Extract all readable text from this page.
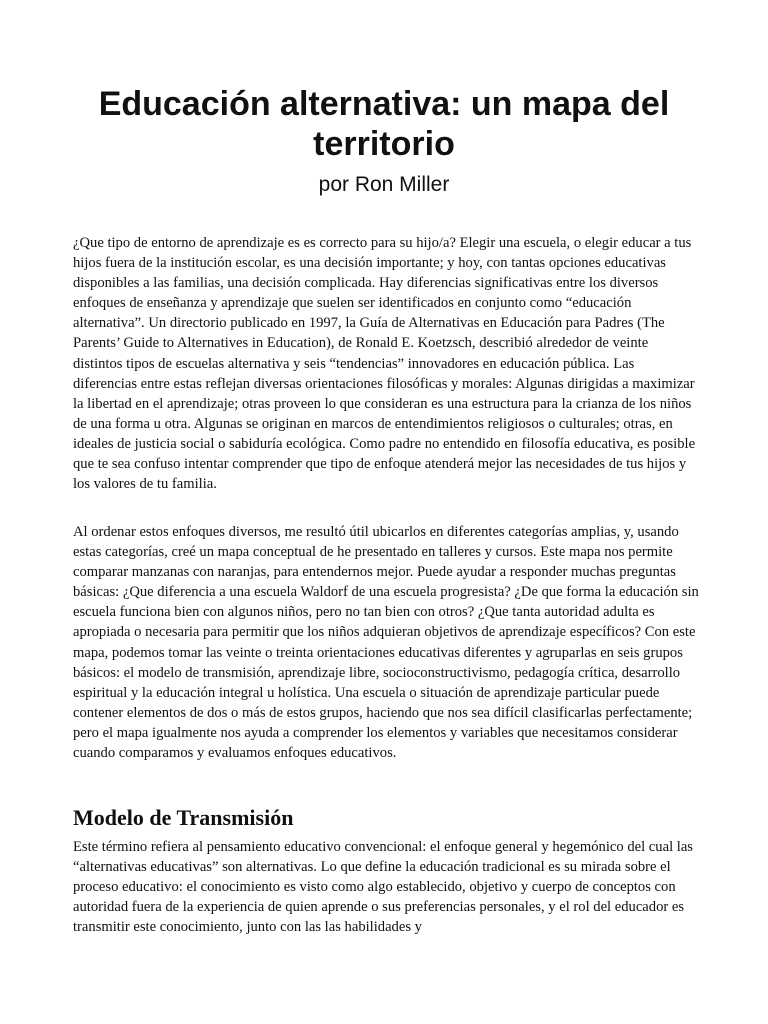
Educación alternativa: un mapa del territorio

por Ron Miller

¿Que tipo de entorno de aprendizaje es es correcto para su hijo/a? Elegir una escuela, o elegir educar a tus hijos fuera de la institución escolar, es una decisión importante; y hoy, con tantas opciones educativas disponibles a las familias, una decisión complicada. Hay diferencias significativas entre los diversos enfoques de enseñanza y aprendizaje que suelen ser identificados en conjunto como “educación alternativa”. Un directorio publicado en 1997, la Guía de Alternativas en Educación para Padres (The Parents’ Guide to Alternatives in Education), de Ronald E. Koetzsch, describió alrededor de veinte distintos tipos de escuelas alternativa y seis “tendencias” innovadores en educación pública. Las diferencias entre estas reflejan diversas orientaciones filosóficas y morales: Algunas dirigidas a maximizar la libertad en el aprendizaje; otras proveen lo que consideran es una estructura para la crianza de los niños de una forma u otra. Algunas se originan en marcos de entendimientos religiosos o culturales; otras, en ideales de justicia social o sabiduría ecológica. Como padre no entendido en filosofía educativa, es posible que te sea confuso intentar comprender que tipo de enfoque atenderá mejor las necesidades de tus hijos y los valores de tu familia.

Al ordenar estos enfoques diversos, me resultó útil ubicarlos en diferentes categorías amplias, y, usando estas categorías, creé un mapa conceptual de he presentado en talleres y cursos. Este mapa nos permite comparar manzanas con naranjas, para entendernos mejor. Puede ayudar a responder muchas preguntas básicas: ¿Que diferencia a una escuela Waldorf de una escuela progresista? ¿De que forma la educación sin escuela funciona bien con algunos niños, pero no tan bien con otros? ¿Que tanta autoridad adulta es apropiada o necesaria para permitir que los niños adquieran objetivos de aprendizaje específicos? Con este mapa, podemos tomar las veinte o treinta orientaciones educativas diferentes y agruparlas en seis grupos básicos: el modelo de transmisión, aprendizaje libre, socioconstructivismo, pedagogía crítica, desarrollo espiritual y la educación integral u holística. Una escuela o situación de aprendizaje particular puede contener elementos de dos o más de estos grupos, haciendo que nos sea difícil clasificarlas perfectamente; pero el mapa igualmente nos ayuda a comprender los elementos y variables que necesitamos considerar cuando comparamos y evaluamos enfoques educativos.

Modelo de Transmisión

Este término refiera al pensamiento educativo convencional: el enfoque general y hegemónico del cual las “alternativas educativas” son alternativas. Lo que define la educación tradicional es su mirada sobre el proceso educativo: el conocimiento es visto como algo establecido, objetivo y cuerpo de conceptos con autoridad fuera de la experiencia de quien aprende o sus preferencias personales, y el rol del educador es transmitir este conocimiento, junto con las las habilidades y
